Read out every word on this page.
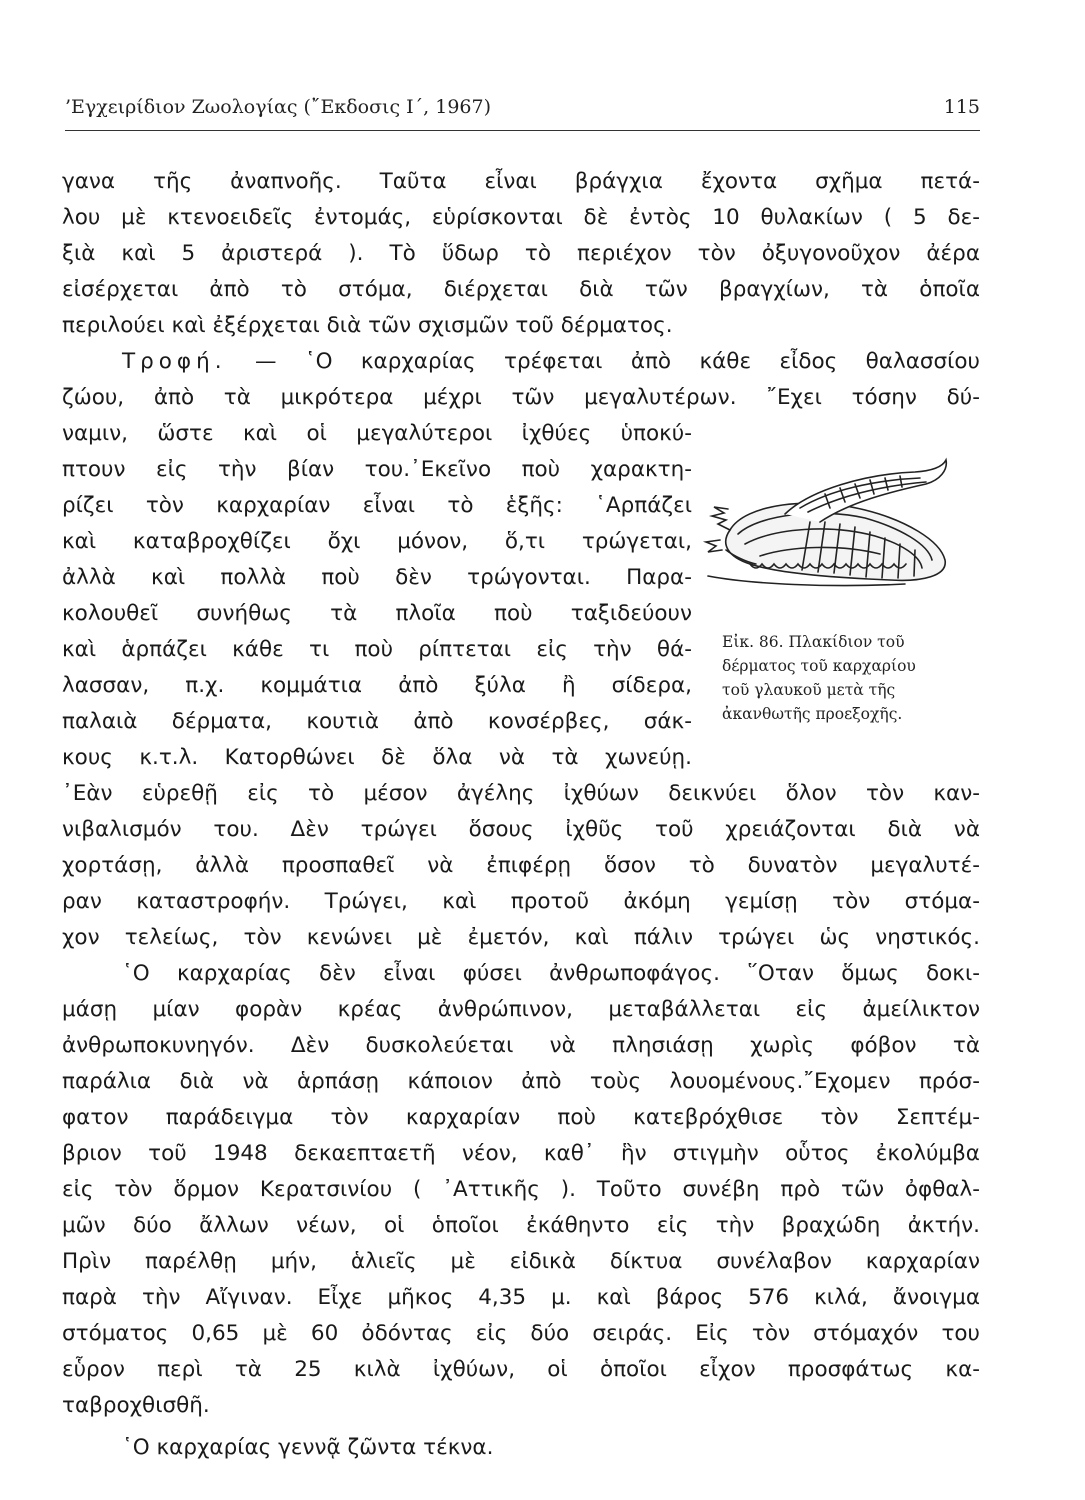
’Εγχειρίδιον Ζωολογίας (῎Εκδοσις Ι΄, 1967)	115
γανα τῆς ἀναπνοῆς. Ταῦτα εἶναι βράγχια ἔχοντα σχῆμα πετά-
λου μὲ κτενοειδεῖς ἐντομάς, εὑρίσκονται δὲ ἐντὸς 10 θυλακίων ( 5 δε-
ξιὰ καὶ 5 ἀριστερά ). Τὸ ὕδωρ τὸ περιέχον τὸν ὀξυγονοῦχον ἀέρα
εἰσέρχεται ἀπὸ τὸ στόμα, διέρχεται διὰ τῶν βραγχίων, τὰ ὁποῖα
περιλούει καὶ ἐξέρχεται διὰ τῶν σχισμῶν τοῦ δέρματος.
Τροφή. — ῾Ο καρχαρίας τρέφεται ἀπὸ κάθε εἶδος θαλασσίου
ζώου, ἀπὸ τὰ μικρότερα μέχρι τῶν μεγαλυτέρων. ῎Εχει τόσην δύ-
ναμιν, ὥστε καὶ οἱ μεγαλύτεροι ἰχθύες ὑποκύ-
πτουν εἰς τὴν βίαν του.᾿Εκεῖνο ποὺ χαρακτη-
ρίζει τὸν καρχαρίαν εἶναι τὸ ἑξῆς: ῾Αρπάζει
καὶ καταβροχθίζει ὄχι μόνον, ὅ,τι τρώγεται,
ἀλλὰ καὶ πολλὰ ποὺ δὲν τρώγονται. Παρα-
κολουθεῖ συνήθως τὰ πλοῖα ποὺ ταξιδεύουν
καὶ ἁρπάζει κάθε τι ποὺ ρίπτεται εἰς τὴν θά-
λασσαν, π.χ. κομμάτια ἀπὸ ξύλα ἢ σίδερα,
παλαιὰ δέρματα, κουτιὰ ἀπὸ κονσέρβες, σάκ-
κους κ.τ.λ. Κατορθώνει δὲ ὅλα νὰ τὰ χωνεύῃ.
᾿Εὰν εὑρεθῇ εἰς τὸ μέσον ἀγέλης ἰχθύων δεικνύει ὅλον τὸν καν-
νιβαλισμόν του. Δὲν τρώγει ὅσους ἰχθῦς τοῦ χρειάζονται διὰ νὰ
χορτάσῃ, ἀλλὰ προσπαθεῖ νὰ ἐπιφέρῃ ὅσον τὸ δυνατὸν μεγαλυτέ-
ραν καταστροφήν. Τρώγει, καὶ προτοῦ ἀκόμη γεμίσῃ τὸν στόμα-
χον τελείως, τὸν κενώνει μὲ ἐμετόν, καὶ πάλιν τρώγει ὡς νηστικός.
῾Ο καρχαρίας δὲν εἶναι φύσει ἀνθρωποφάγος. ῞Οταν ὅμως δοκι-
μάσῃ μίαν φορὰν κρέας ἀνθρώπινον, μεταβάλλεται εἰς ἀμείλικτον
ἀνθρωποκυνηγόν. Δὲν δυσκολεύεται νὰ πλησιάσῃ χωρὶς φόβον τὰ
παράλια διὰ νὰ ἁρπάσῃ κάποιον ἀπὸ τοὺς λουομένους.῎Εχομεν πρόσ-
φατον παράδειγμα τὸν καρχαρίαν ποὺ κατεβρόχθισε τὸν Σεπτέμ-
βριον τοῦ 1948 δεκαεπταετῆ νέον, καθ᾿ ἣν στιγμὴν οὗτος ἐκολύμβα
εἰς τὸν ὅρμον Κερατσινίου ( ᾿Αττικῆς ). Τοῦτο συνέβη πρὸ τῶν ὀφθαλ-
μῶν δύο ἄλλων νέων, οἱ ὁποῖοι ἐκάθηντο εἰς τὴν βραχώδη ἀκτήν.
Πρὶν παρέλθῃ μήν, ἁλιεῖς μὲ εἰδικὰ δίκτυα συνέλαβον καρχαρίαν
παρὰ τὴν Αἴγιναν. Εἶχε μῆκος 4,35 μ. καὶ βάρος 576 κιλά, ἄνοιγμα
στόματος 0,65 μὲ 60 ὀδόντας εἰς δύο σειράς. Εἰς τὸν στόμαχόν του
εὗρον περὶ τὰ 25 κιλὰ ἰχθύων, οἱ ὁποῖοι εἶχον προσφάτως κα-
ταβροχθισθῆ.
῾Ο καρχαρίας γεννᾷ ζῶντα τέκνα.
Εἰκ. 86. Πλακίδιον τοῦ
δέρματος τοῦ καρχαρίου
τοῦ γλαυκοῦ μετὰ τῆς
ἀκανθωτῆς προεξοχῆς.
